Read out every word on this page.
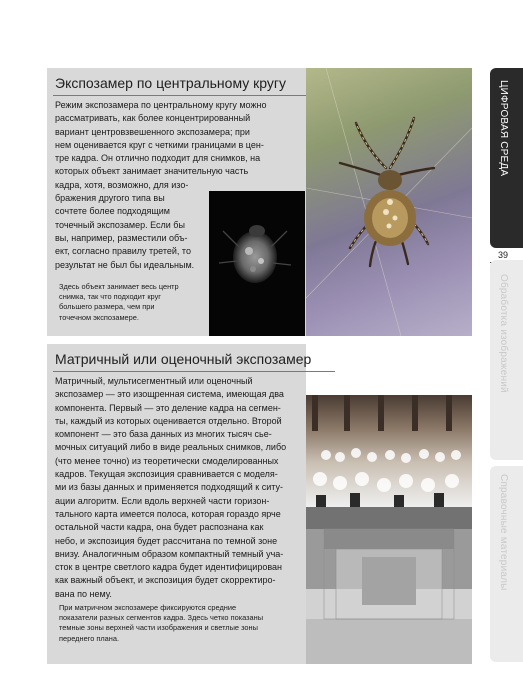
Экспозамер по центральному кругу
Режим экспозамера по центральному кругу можно
рассматривать, как более концентрированный
вариант центровзвешенного экспозамера; при
нем оценивается круг с четкими границами в цен-
тре кадра. Он отлично подходит для снимков, на
которых объект занимает значительную часть
кадра, хотя, возможно, для изо-
бражения другого типа вы
сочтете более подходящим
точечный экспозамер. Если бы
вы, например, разместили объ-
ект, согласно правилу третей, то
результат не был бы идеальным.
Здесь объект занимает весь центр
снимка, так что подходит круг
большего размера, чем при
точечном экспозамере.
Матричный или оценочный экспозамер
Матричный, мультисегментный или оценочный
экспозамер — это изощренная система, имеющая два
компонента. Первый — это деление кадра на сегмен-
ты, каждый из которых оценивается отдельно. Второй
компонент — это база данных из многих тысяч сье-
мочных ситуаций либо в виде реальных снимков, либо
(что менее точно) из теоретически смоделированных
кадров. Текущая экспозиция сравнивается с моделя-
ми из базы данных и применяется подходящий к ситу-
ации алгоритм. Если вдоль верхней части горизон-
тального карта имеется полоса, которая гораздо ярче
остальной части кадра, она будет распознана как
небо, и экспозиция будет рассчитана по темной зоне
внизу. Аналогичным образом компактный темный уча-
сток в центре светлого кадра будет идентифицирован
как важный объект, и экспозиция будет скорректиро-
вана по нему.
При матричном экспозамере фиксируются средние
показатели разных сегментов кадра. Здесь четко показаны
темные зоны верхней части изображения и светлые зоны
переднего плана.
ЦИФРОВАЯ СРЕДА
39
Обработка изображений
Справочные материалы
